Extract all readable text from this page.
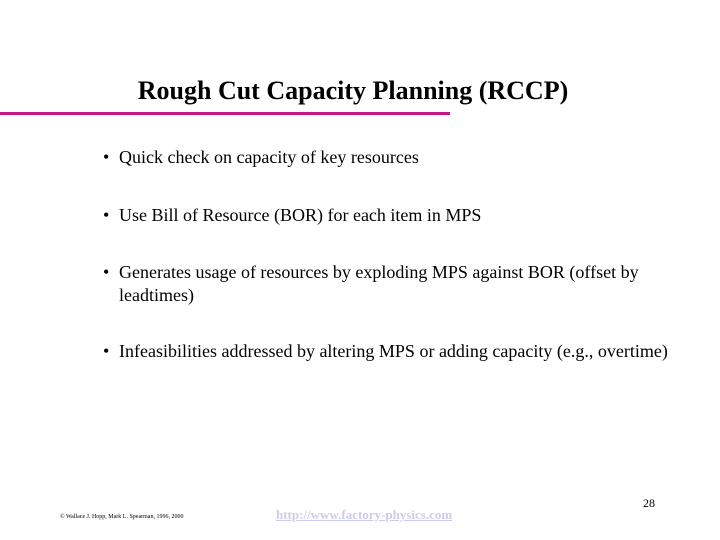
Rough Cut Capacity Planning (RCCP)
• Quick check on capacity of key resources
• Use Bill of Resource (BOR) for each item in MPS
• Generates usage of resources by exploding MPS against BOR (offset by leadtimes)
• Infeasibilities addressed by altering MPS or adding capacity (e.g., overtime)
© Wallace J. Hopp, Mark L. Spearman, 1996, 2000	http://www.factory-physics.com
28
